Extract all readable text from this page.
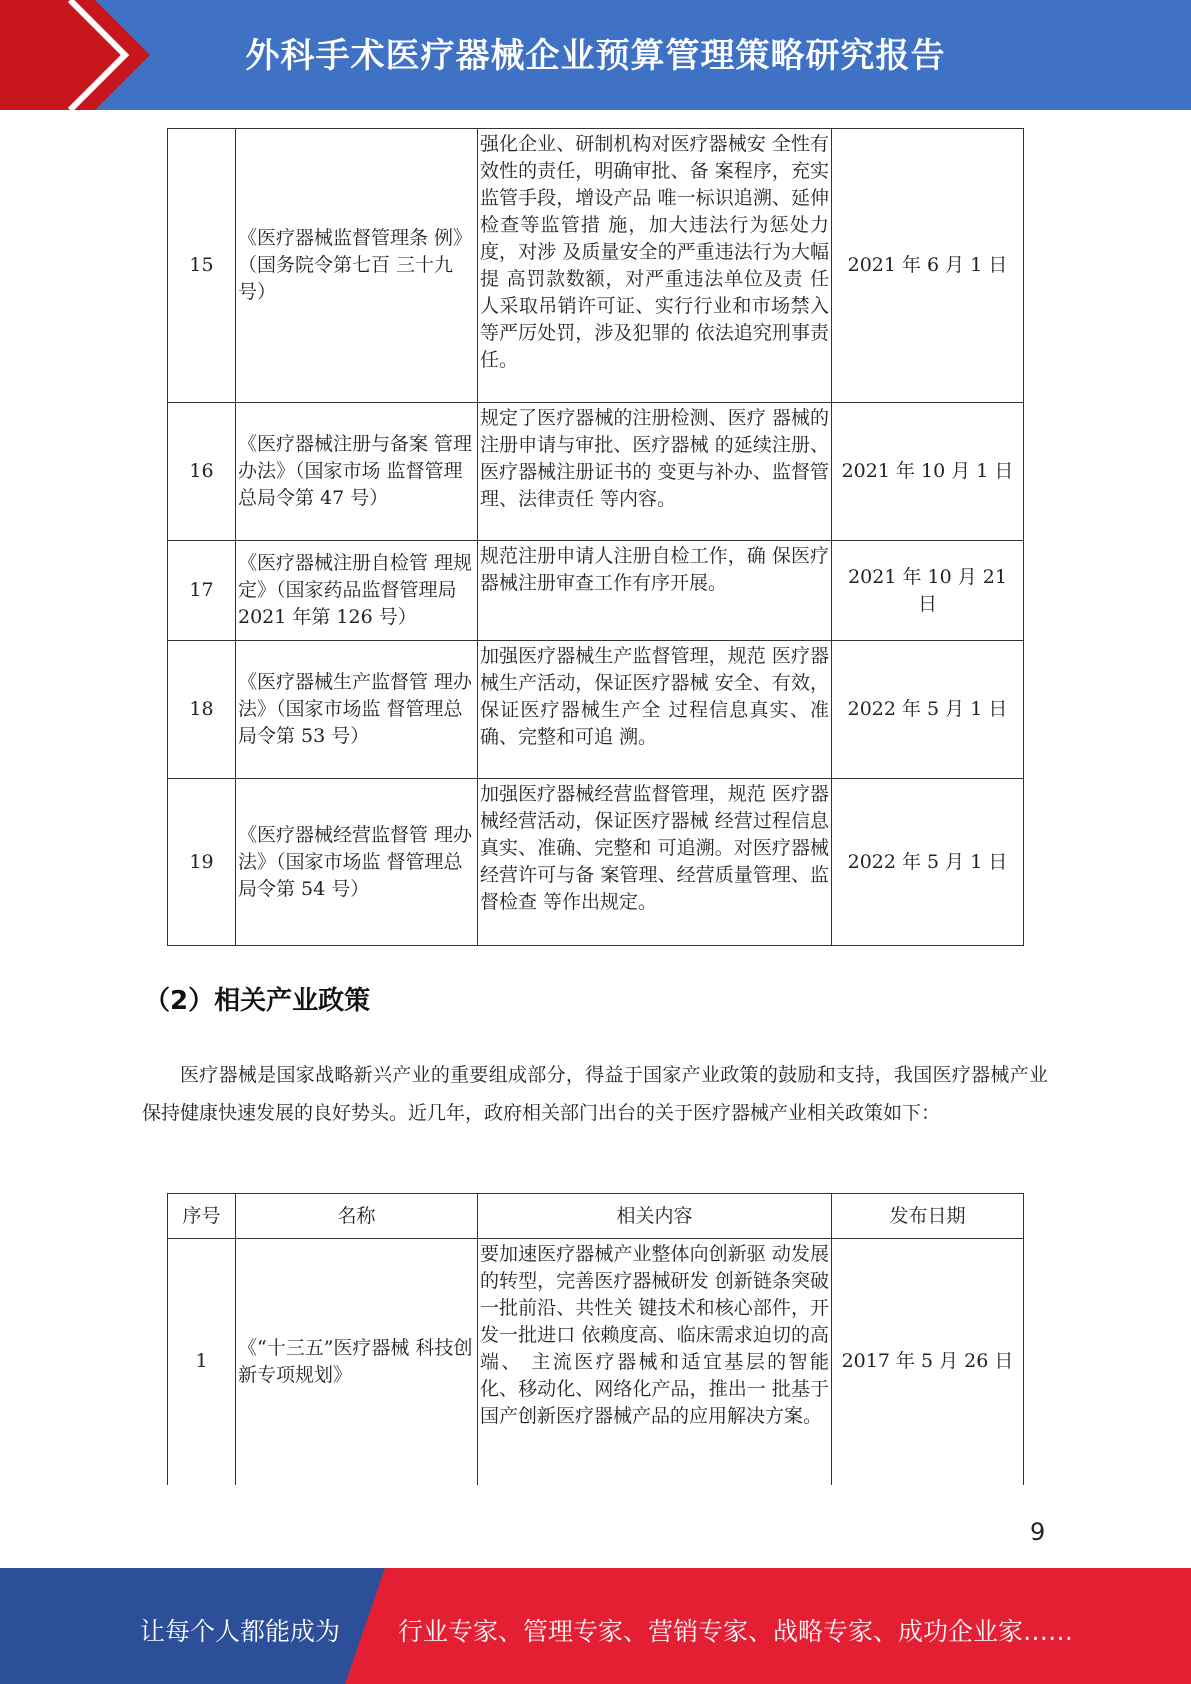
外科手术医疗器械企业预算管理策略研究报告
15	《医疗器械监督管理条 例》（国务院令第七百 三十九号）	强化企业、研制机构对医疗器械安 全性有效性的责任，明确审批、备 案程序，充实监管手段，增设产品 唯一标识追溯、延伸检查等监管措 施，加大违法行为惩处力度，对涉 及质量安全的严重违法行为大幅提 高罚款数额，对严重违法单位及责 任人采取吊销许可证、实行行业和市场禁入等严厉处罚，涉及犯罪的 依法追究刑事责任。	2021 年 6 月 1 日
16	《医疗器械注册与备案 管理办法》（国家市场 监督管理总局令第 47 号）	规定了医疗器械的注册检测、医疗 器械的注册申请与审批、医疗器械 的延续注册、医疗器械注册证书的 变更与补办、监督管理、法律责任 等内容。	2021 年 10 月 1 日
17	《医疗器械注册自检管 理规定》（国家药品监督管理局 2021 年第 126 号）	规范注册申请人注册自检工作，确 保医疗器械注册审查工作有序开展。	2021 年 10 月 21 日
18	《医疗器械生产监督管 理办法》（国家市场监 督管理总局令第 53 号）	加强医疗器械生产监督管理，规范 医疗器械生产活动，保证医疗器械 安全、有效，保证医疗器械生产全 过程信息真实、准确、完整和可追 溯。	2022 年 5 月 1 日
19	《医疗器械经营监督管 理办法》（国家市场监 督管理总局令第 54 号）	加强医疗器械经营监督管理，规范 医疗器械经营活动，保证医疗器械 经营过程信息真实、准确、完整和 可追溯。对医疗器械经营许可与备 案管理、经营质量管理、监督检查 等作出规定。	2022 年 5 月 1 日
（2）相关产业政策
医疗器械是国家战略新兴产业的重要组成部分，得益于国家产业政策的鼓励和支持，我国医疗器械产业保持健康快速发展的良好势头。近几年，政府相关部门出台的关于医疗器械产业相关政策如下：
序号	名称	相关内容	发布日期
1	《“十三五”医疗器械 科技创新专项规划》	要加速医疗器械产业整体向创新驱 动发展的转型，完善医疗器械研发 创新链条突破一批前沿、共性关 键技术和核心部件，开发一批进口 依赖度高、临床需求迫切的高端、 主流医疗器械和适宜基层的智能 化、移动化、网络化产品，推出一 批基于国产创新医疗器械产品的应用解决方案。	2017 年 5 月 26 日
9
让每个人都能成为 行业专家、管理专家、营销专家、战略专家、成功企业家……
